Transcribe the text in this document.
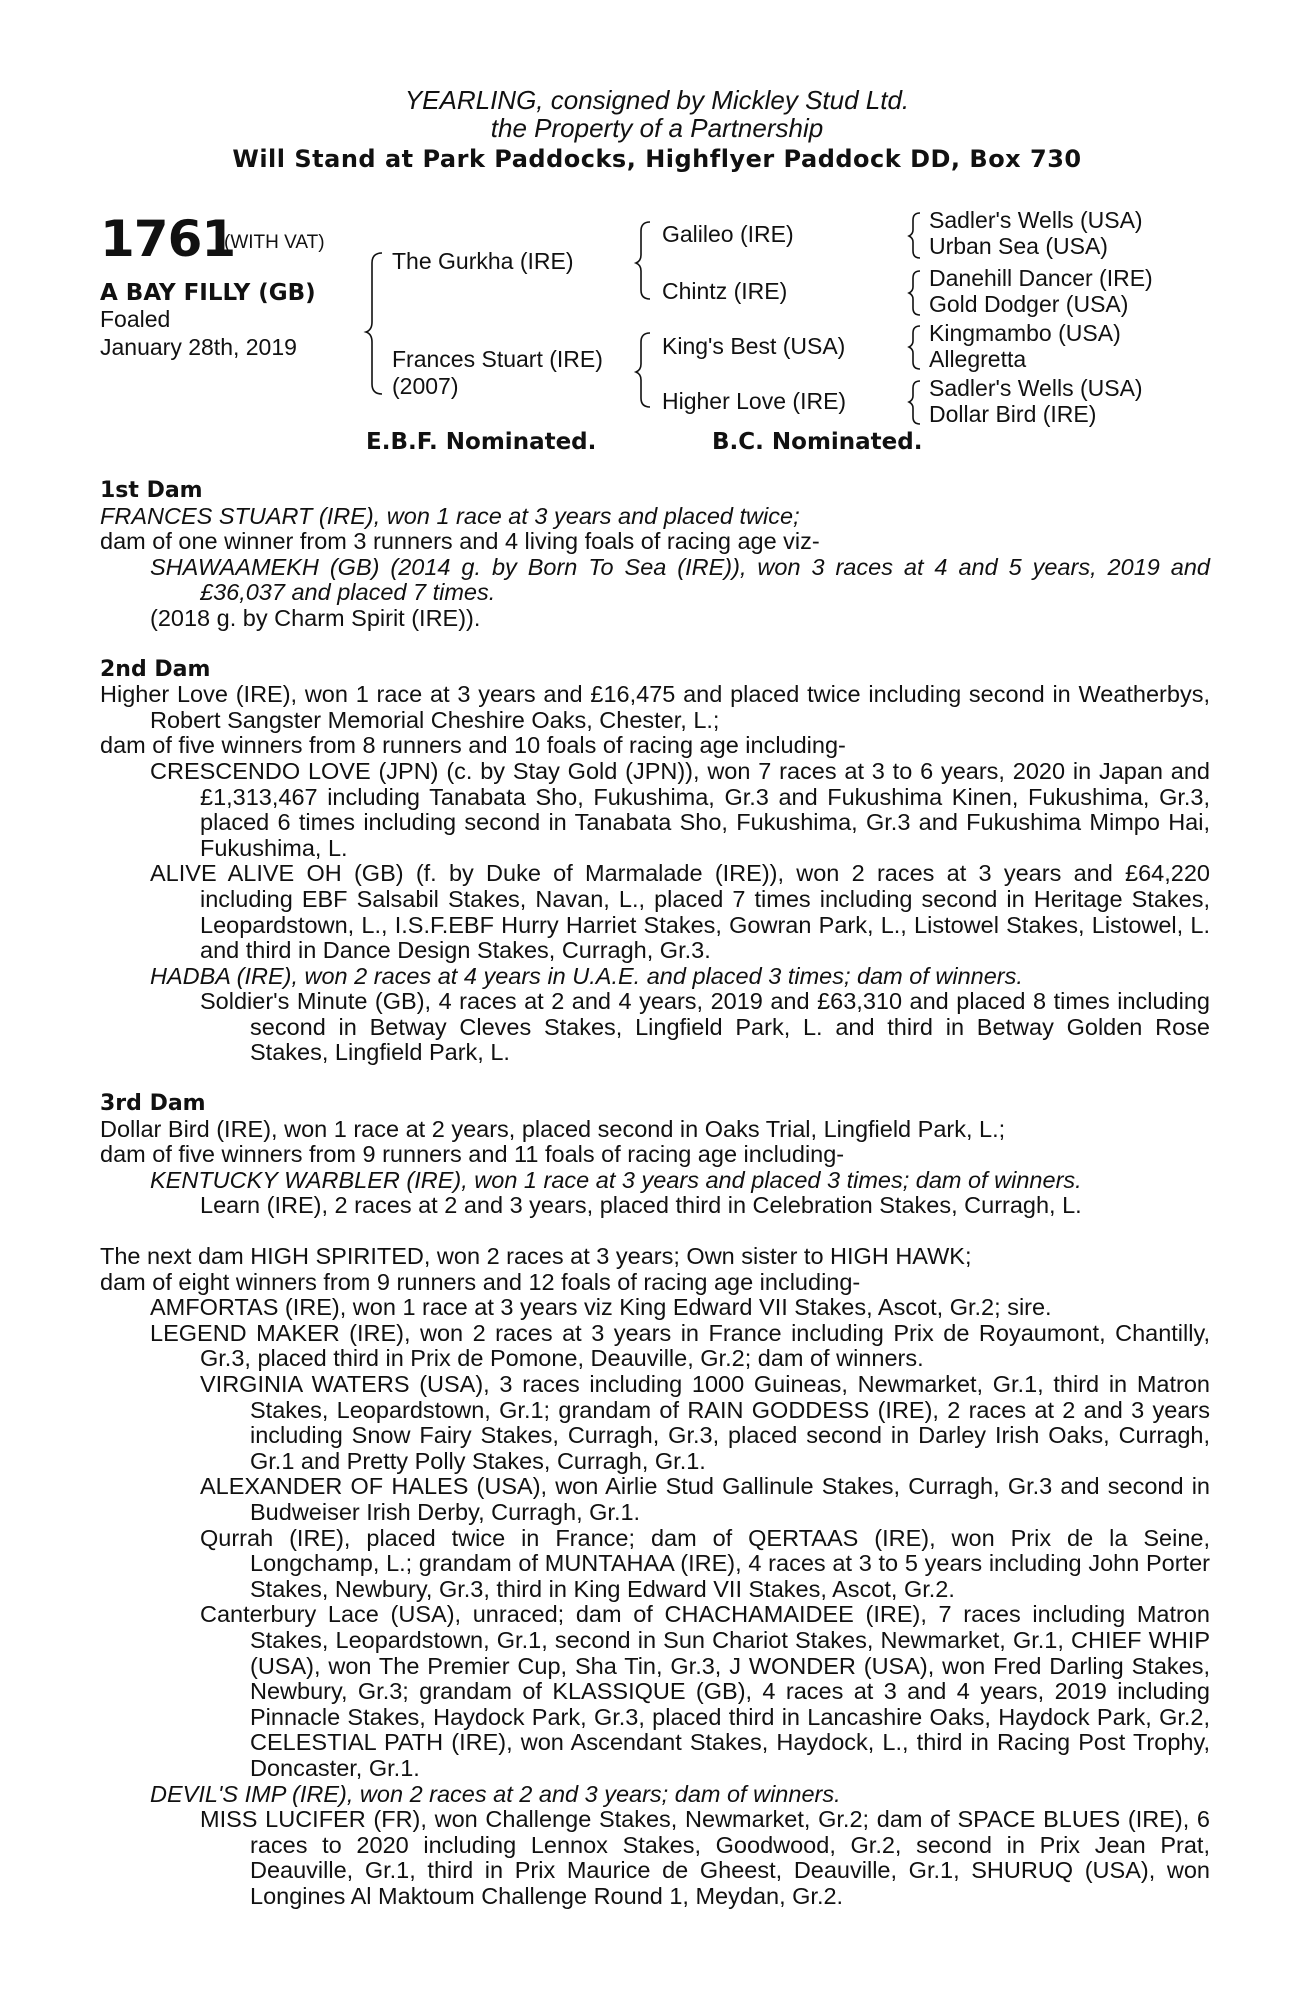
YEARLING, consigned by Mickley Stud Ltd.
the Property of a Partnership
Will Stand at Park Paddocks, Highflyer Paddock DD, Box 730
1761
(WITH VAT)
A BAY FILLY (GB)
Foaled
January 28th, 2019
The Gurkha (IRE)
Frances Stuart (IRE)
(2007)
Galileo (IRE)
Chintz (IRE)
King's Best (USA)
Higher Love (IRE)
Sadler's Wells (USA)
Urban Sea (USA)
Danehill Dancer (IRE)
Gold Dodger (USA)
Kingmambo (USA)
Allegretta
Sadler's Wells (USA)
Dollar Bird (IRE)
E.B.F. Nominated.	B.C. Nominated.
1st Dam
FRANCES STUART (IRE), won 1 race at 3 years and placed twice;
dam of one winner from 3 runners and 4 living foals of racing age viz-
SHAWAAMEKH (GB) (2014 g. by Born To Sea (IRE)), won 3 races at 4 and 5 years, 2019 and £36,037 and placed 7 times.
(2018 g. by Charm Spirit (IRE)).
2nd Dam
Higher Love (IRE), won 1 race at 3 years and £16,475 and placed twice including second in Weatherbys, Robert Sangster Memorial Cheshire Oaks, Chester, L.;
dam of five winners from 8 runners and 10 foals of racing age including-
CRESCENDO LOVE (JPN) (c. by Stay Gold (JPN)), won 7 races at 3 to 6 years, 2020 in Japan and £1,313,467 including Tanabata Sho, Fukushima, Gr.3 and Fukushima Kinen, Fukushima, Gr.3, placed 6 times including second in Tanabata Sho, Fukushima, Gr.3 and Fukushima Mimpo Hai, Fukushima, L.
ALIVE ALIVE OH (GB) (f. by Duke of Marmalade (IRE)), won 2 races at 3 years and £64,220 including EBF Salsabil Stakes, Navan, L., placed 7 times including second in Heritage Stakes, Leopardstown, L., I.S.F.EBF Hurry Harriet Stakes, Gowran Park, L., Listowel Stakes, Listowel, L. and third in Dance Design Stakes, Curragh, Gr.3.
HADBA (IRE), won 2 races at 4 years in U.A.E. and placed 3 times; dam of winners.
Soldier's Minute (GB), 4 races at 2 and 4 years, 2019 and £63,310 and placed 8 times including second in Betway Cleves Stakes, Lingfield Park, L. and third in Betway Golden Rose Stakes, Lingfield Park, L.
3rd Dam
Dollar Bird (IRE), won 1 race at 2 years, placed second in Oaks Trial, Lingfield Park, L.;
dam of five winners from 9 runners and 11 foals of racing age including-
KENTUCKY WARBLER (IRE), won 1 race at 3 years and placed 3 times; dam of winners.
Learn (IRE), 2 races at 2 and 3 years, placed third in Celebration Stakes, Curragh, L.
The next dam HIGH SPIRITED, won 2 races at 3 years; Own sister to HIGH HAWK;
dam of eight winners from 9 runners and 12 foals of racing age including-
AMFORTAS (IRE), won 1 race at 3 years viz King Edward VII Stakes, Ascot, Gr.2; sire.
LEGEND MAKER (IRE), won 2 races at 3 years in France including Prix de Royaumont, Chantilly, Gr.3, placed third in Prix de Pomone, Deauville, Gr.2; dam of winners.
VIRGINIA WATERS (USA), 3 races including 1000 Guineas, Newmarket, Gr.1, third in Matron Stakes, Leopardstown, Gr.1; grandam of RAIN GODDESS (IRE), 2 races at 2 and 3 years including Snow Fairy Stakes, Curragh, Gr.3, placed second in Darley Irish Oaks, Curragh, Gr.1 and Pretty Polly Stakes, Curragh, Gr.1.
ALEXANDER OF HALES (USA), won Airlie Stud Gallinule Stakes, Curragh, Gr.3 and second in Budweiser Irish Derby, Curragh, Gr.1.
Qurrah (IRE), placed twice in France; dam of QERTAAS (IRE), won Prix de la Seine, Longchamp, L.; grandam of MUNTAHAA (IRE), 4 races at 3 to 5 years including John Porter Stakes, Newbury, Gr.3, third in King Edward VII Stakes, Ascot, Gr.2.
Canterbury Lace (USA), unraced; dam of CHACHAMAIDEE (IRE), 7 races including Matron Stakes, Leopardstown, Gr.1, second in Sun Chariot Stakes, Newmarket, Gr.1, CHIEF WHIP (USA), won The Premier Cup, Sha Tin, Gr.3, J WONDER (USA), won Fred Darling Stakes, Newbury, Gr.3; grandam of KLASSIQUE (GB), 4 races at 3 and 4 years, 2019 including Pinnacle Stakes, Haydock Park, Gr.3, placed third in Lancashire Oaks, Haydock Park, Gr.2, CELESTIAL PATH (IRE), won Ascendant Stakes, Haydock, L., third in Racing Post Trophy, Doncaster, Gr.1.
DEVIL'S IMP (IRE), won 2 races at 2 and 3 years; dam of winners.
MISS LUCIFER (FR), won Challenge Stakes, Newmarket, Gr.2; dam of SPACE BLUES (IRE), 6 races to 2020 including Lennox Stakes, Goodwood, Gr.2, second in Prix Jean Prat, Deauville, Gr.1, third in Prix Maurice de Gheest, Deauville, Gr.1, SHURUQ (USA), won Longines Al Maktoum Challenge Round 1, Meydan, Gr.2.
